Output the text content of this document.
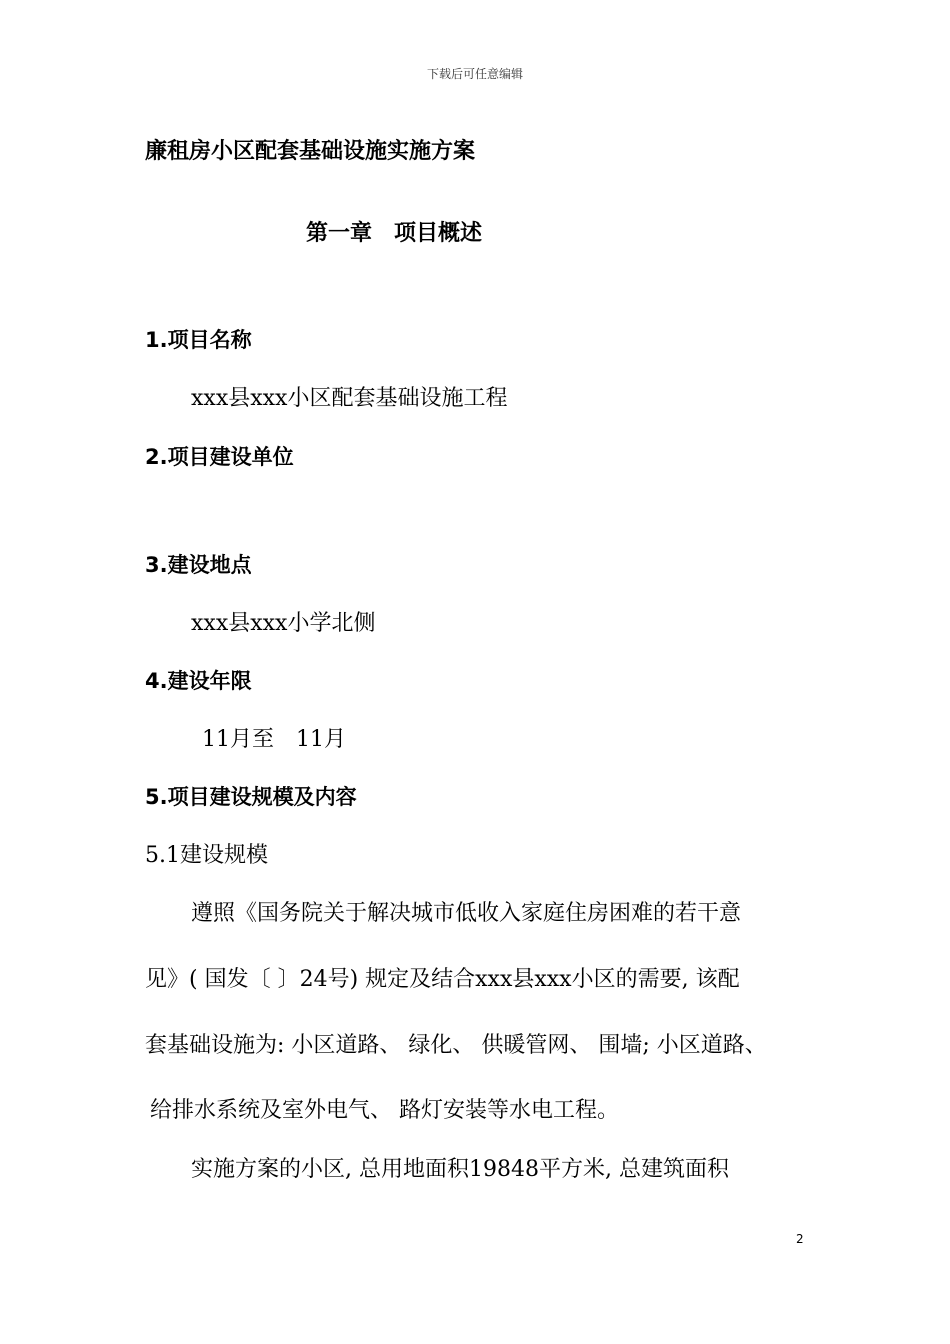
下载后可任意编辑
廉租房小区配套基础设施实施方案
第一章　项目概述
1.项目名称
xxx县xxx小区配套基础设施工程
2.项目建设单位
3.建设地点
xxx县xxx小学北侧
4.建设年限
11月至　11月
5.项目建设规模及内容
5.1建设规模
遵照《国务院关于解决城市低收入家庭住房困难的若干意
见》( 国发〔 〕24号) 规定及结合xxx县xxx小区的需要, 该配
套基础设施为: 小区道路、 绿化、 供暖管网、 围墙; 小区道路、
给排水系统及室外电气、 路灯安装等水电工程。
实施方案的小区, 总用地面积19848平方米, 总建筑面积
2
